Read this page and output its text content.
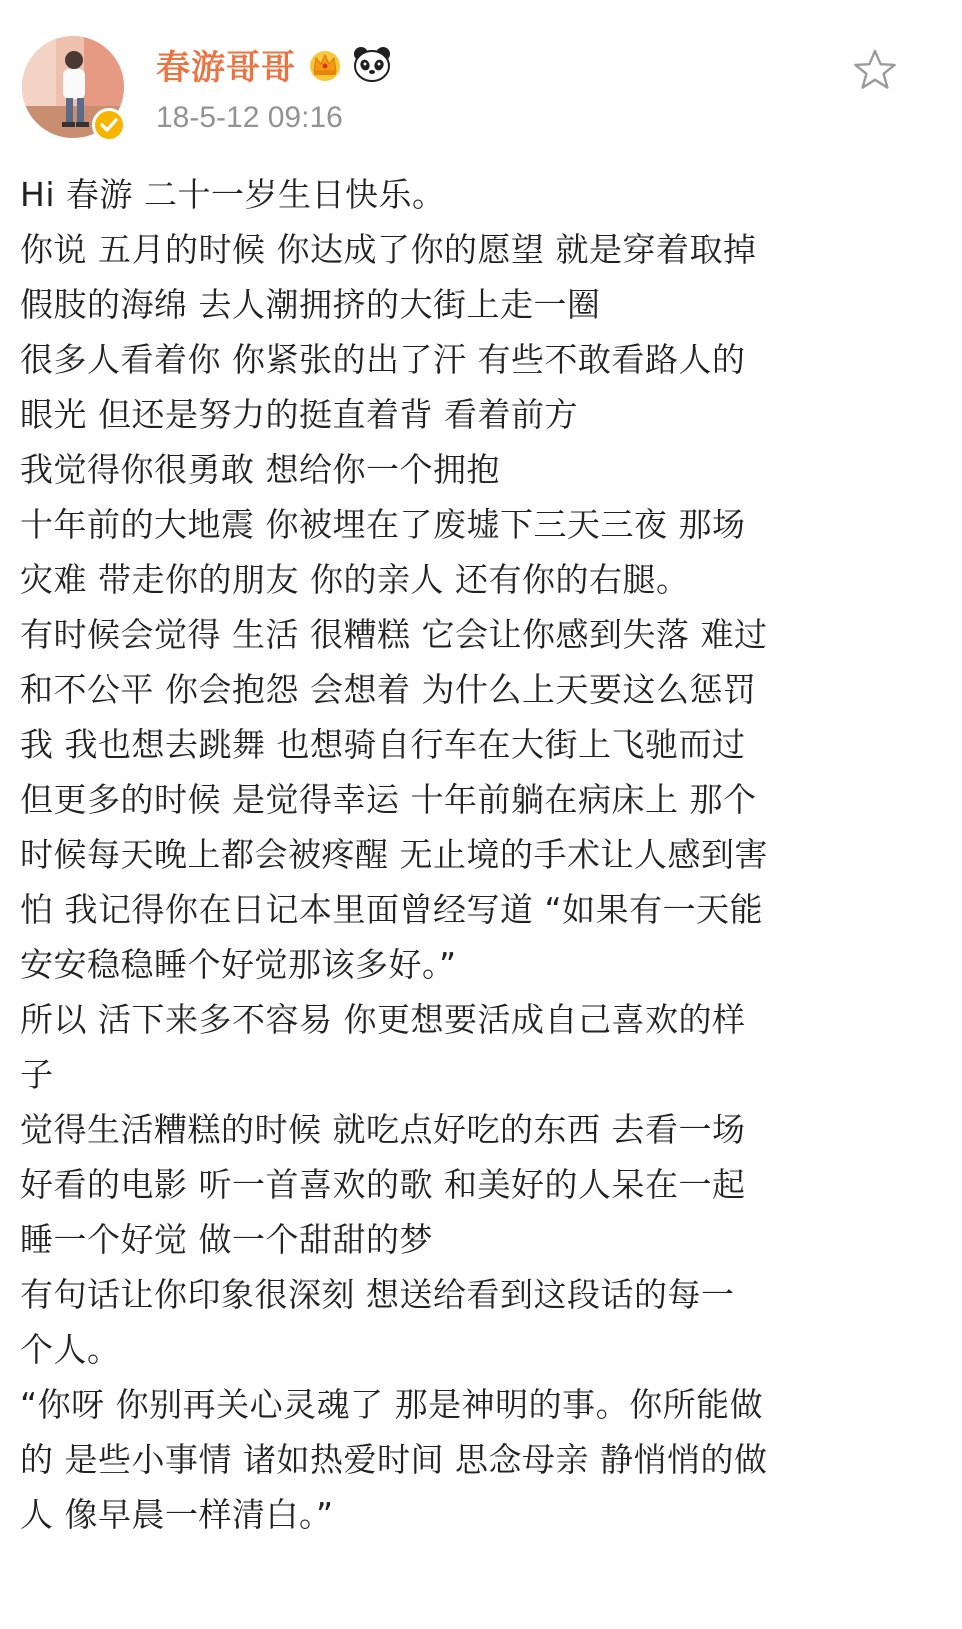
春游哥哥
18-5-12 09:16
Hi 春游 二十一岁生日快乐。
你说 五月的时候 你达成了你的愿望 就是穿着取掉
假肢的海绵 去人潮拥挤的大街上走一圈
很多人看着你 你紧张的出了汗 有些不敢看路人的
眼光 但还是努力的挺直着背 看着前方
我觉得你很勇敢 想给你一个拥抱
十年前的大地震 你被埋在了废墟下三天三夜 那场
灾难 带走你的朋友 你的亲人 还有你的右腿。
有时候会觉得 生活 很糟糕 它会让你感到失落 难过
和不公平 你会抱怨 会想着 为什么上天要这么惩罚
我 我也想去跳舞 也想骑自行车在大街上飞驰而过
但更多的时候 是觉得幸运 十年前躺在病床上 那个
时候每天晚上都会被疼醒 无止境的手术让人感到害
怕 我记得你在日记本里面曾经写道 “如果有一天能
安安稳稳睡个好觉那该多好。”
所以 活下来多不容易 你更想要活成自己喜欢的样
子
觉得生活糟糕的时候 就吃点好吃的东西 去看一场
好看的电影 听一首喜欢的歌 和美好的人呆在一起
睡一个好觉 做一个甜甜的梦
有句话让你印象很深刻 想送给看到这段话的每一
个人。
“你呀 你别再关心灵魂了 那是神明的事。你所能做
的 是些小事情 诸如热爱时间 思念母亲 静悄悄的做
人 像早晨一样清白。”
